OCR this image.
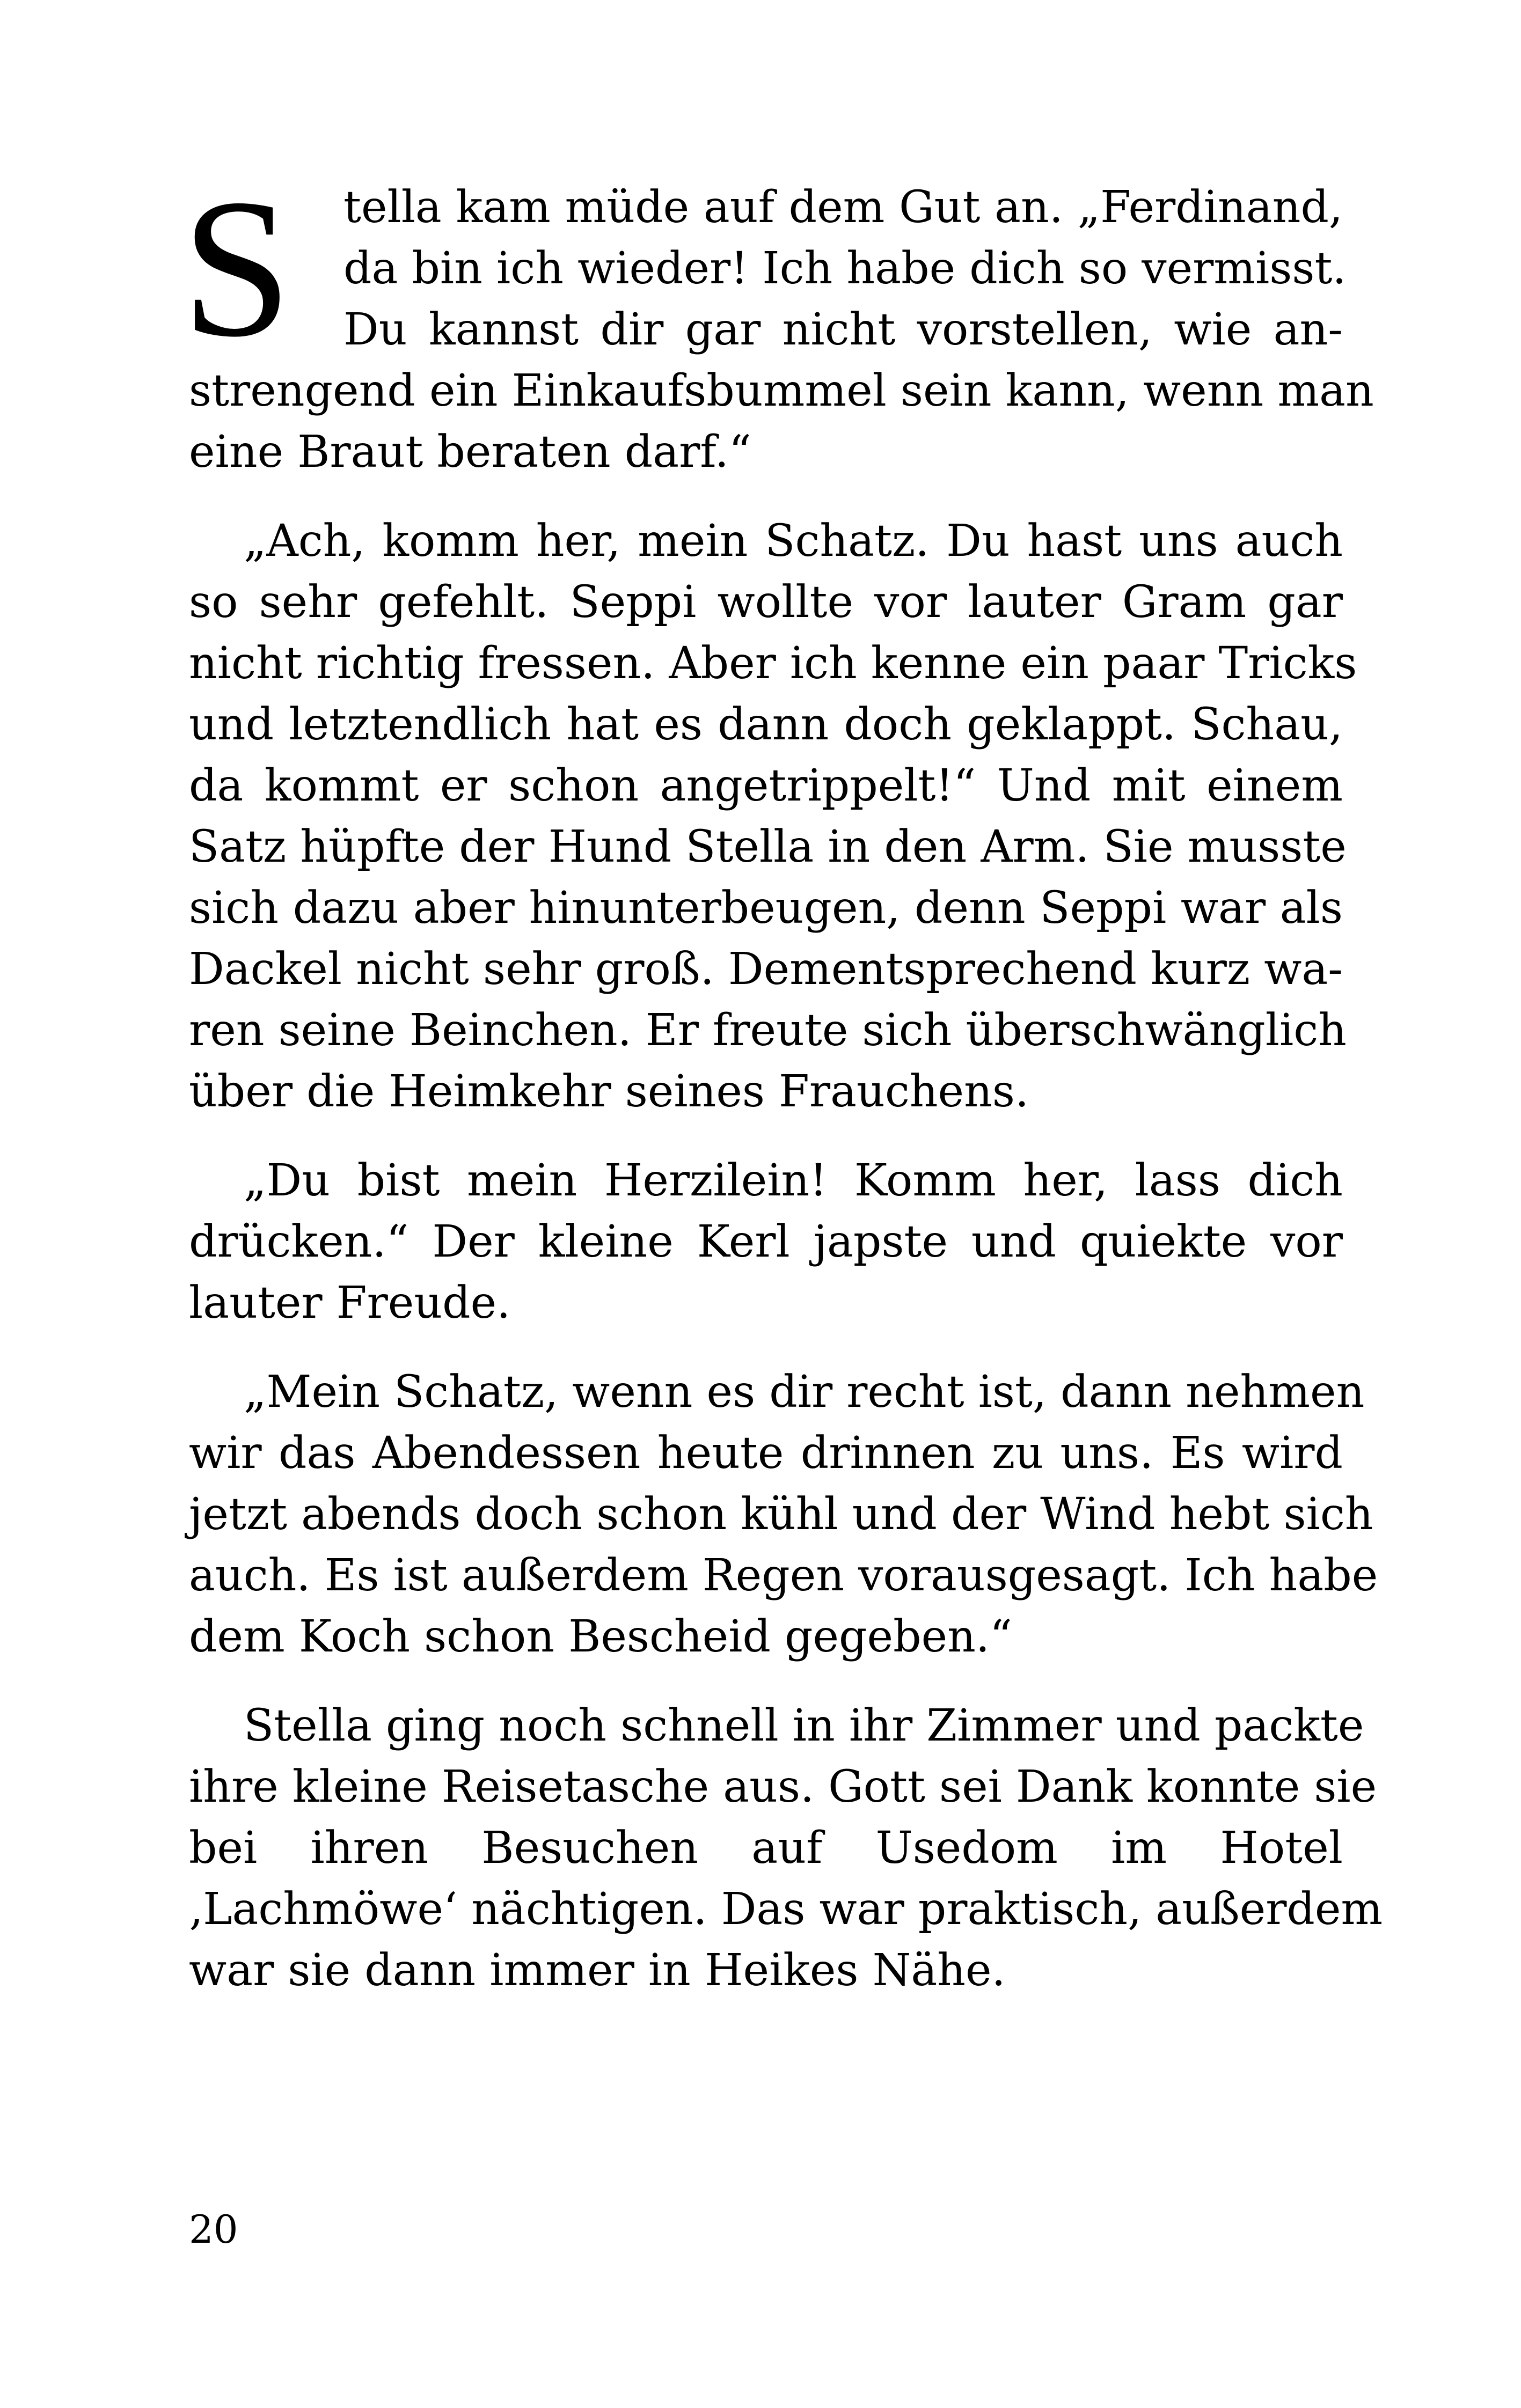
S tella kam müde auf dem Gut an. „Ferdinand,
da bin ich wieder! Ich habe dich so vermisst.
Du kannst dir gar nicht vorstellen, wie an-
strengend ein Einkaufsbummel sein kann, wenn man
eine Braut beraten darf.“
„Ach, komm her, mein Schatz. Du hast uns auch
so sehr gefehlt. Seppi wollte vor lauter Gram gar
nicht richtig fressen. Aber ich kenne ein paar Tricks
und letztendlich hat es dann doch geklappt. Schau,
da kommt er schon angetrippelt!“ Und mit einem
Satz hüpfte der Hund Stella in den Arm. Sie musste
sich dazu aber hinunterbeugen, denn Seppi war als
Dackel nicht sehr groß. Dementsprechend kurz wa-
ren seine Beinchen. Er freute sich überschwänglich
über die Heimkehr seines Frauchens.
„Du bist mein Herzilein! Komm her, lass dich
drücken.“ Der kleine Kerl japste und quiekte vor
lauter Freude.
„Mein Schatz, wenn es dir recht ist, dann nehmen
wir das Abendessen heute drinnen zu uns. Es wird
jetzt abends doch schon kühl und der Wind hebt sich
auch. Es ist außerdem Regen vorausgesagt. Ich habe
dem Koch schon Bescheid gegeben.“
Stella ging noch schnell in ihr Zimmer und packte
ihre kleine Reisetasche aus. Gott sei Dank konnte sie
bei ihren Besuchen auf Usedom im Hotel
‚Lachmöwe‘ nächtigen. Das war praktisch, außerdem
war sie dann immer in Heikes Nähe.
20
